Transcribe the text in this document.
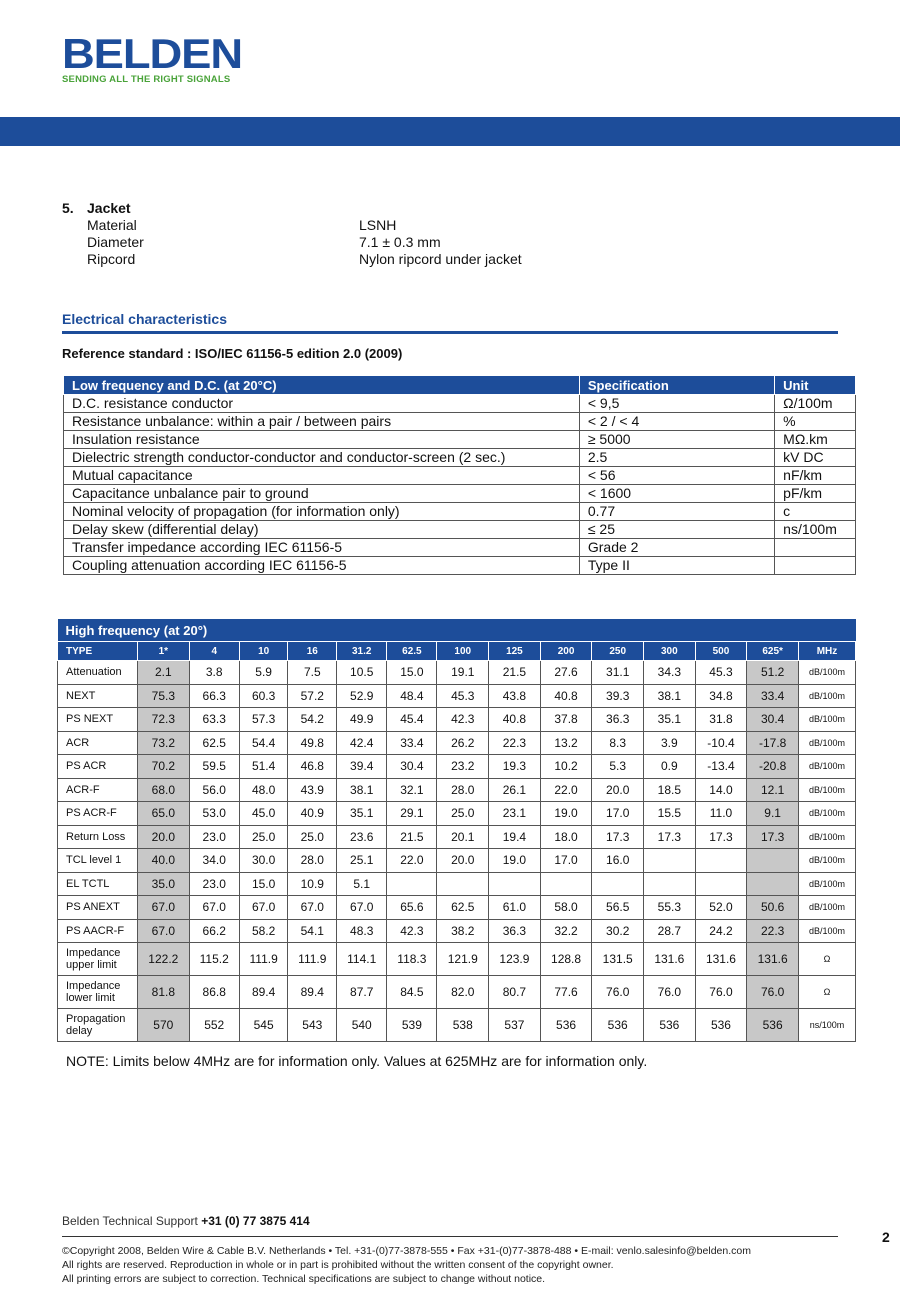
BELDEN
SENDING ALL THE RIGHT SIGNALS
5. Jacket
Material	LSNH
Diameter	7.1 ± 0.3 mm
Ripcord	Nylon ripcord under jacket
Electrical characteristics
Reference standard : ISO/IEC 61156-5 edition 2.0 (2009)
Low frequency and D.C. (at 20°C)	Specification	Unit
D.C. resistance conductor	< 9,5	Ω/100m
Resistance unbalance: within a pair / between pairs	< 2 / < 4	%
Insulation resistance	≥ 5000	MΩ.km
Dielectric strength conductor-conductor and conductor-screen (2 sec.)	2.5	kV DC
Mutual capacitance	< 56	nF/km
Capacitance unbalance pair to ground	< 1600	pF/km
Nominal velocity of propagation (for information only)	0.77	c
Delay skew (differential delay)	≤ 25	ns/100m
Transfer impedance according IEC 61156-5	Grade 2	
Coupling attenuation according IEC 61156-5	Type II	
High frequency (at 20°)														
TYPE	1*	4	10	16	31.2	62.5	100	125	200	250	300	500	625*	MHz
Attenuation	2.1	3.8	5.9	7.5	10.5	15.0	19.1	21.5	27.6	31.1	34.3	45.3	51.2	dB/100m
NEXT	75.3	66.3	60.3	57.2	52.9	48.4	45.3	43.8	40.8	39.3	38.1	34.8	33.4	dB/100m
PS NEXT	72.3	63.3	57.3	54.2	49.9	45.4	42.3	40.8	37.8	36.3	35.1	31.8	30.4	dB/100m
ACR	73.2	62.5	54.4	49.8	42.4	33.4	26.2	22.3	13.2	8.3	3.9	-10.4	-17.8	dB/100m
PS ACR	70.2	59.5	51.4	46.8	39.4	30.4	23.2	19.3	10.2	5.3	0.9	-13.4	-20.8	dB/100m
ACR-F	68.0	56.0	48.0	43.9	38.1	32.1	28.0	26.1	22.0	20.0	18.5	14.0	12.1	dB/100m
PS ACR-F	65.0	53.0	45.0	40.9	35.1	29.1	25.0	23.1	19.0	17.0	15.5	11.0	9.1	dB/100m
Return Loss	20.0	23.0	25.0	25.0	23.6	21.5	20.1	19.4	18.0	17.3	17.3	17.3	17.3	dB/100m
TCL level 1	40.0	34.0	30.0	28.0	25.1	22.0	20.0	19.0	17.0	16.0				dB/100m
EL TCTL	35.0	23.0	15.0	10.9	5.1									dB/100m
PS ANEXT	67.0	67.0	67.0	67.0	67.0	65.6	62.5	61.0	58.0	56.5	55.3	52.0	50.6	dB/100m
PS AACR-F	67.0	66.2	58.2	54.1	48.3	42.3	38.2	36.3	32.2	30.2	28.7	24.2	22.3	dB/100m
Impedance upper limit	122.2	115.2	111.9	111.9	114.1	118.3	121.9	123.9	128.8	131.5	131.6	131.6	131.6	Ω
Impedance lower limit	81.8	86.8	89.4	89.4	87.7	84.5	82.0	80.7	77.6	76.0	76.0	76.0	76.0	Ω
Propagation delay	570	552	545	543	540	539	538	537	536	536	536	536	536	ns/100m
NOTE: Limits below 4MHz are for information only. Values at 625MHz are for information only.
Belden Technical Support +31 (0) 77 3875 414
2
©Copyright 2008, Belden Wire & Cable B.V. Netherlands • Tel. +31-(0)77-3878-555 • Fax +31-(0)77-3878-488 • E-mail: venlo.salesinfo@belden.com
All rights are reserved. Reproduction in whole or in part is prohibited without the written consent of the copyright owner.
All printing errors are subject to correction. Technical specifications are subject to change without notice.
